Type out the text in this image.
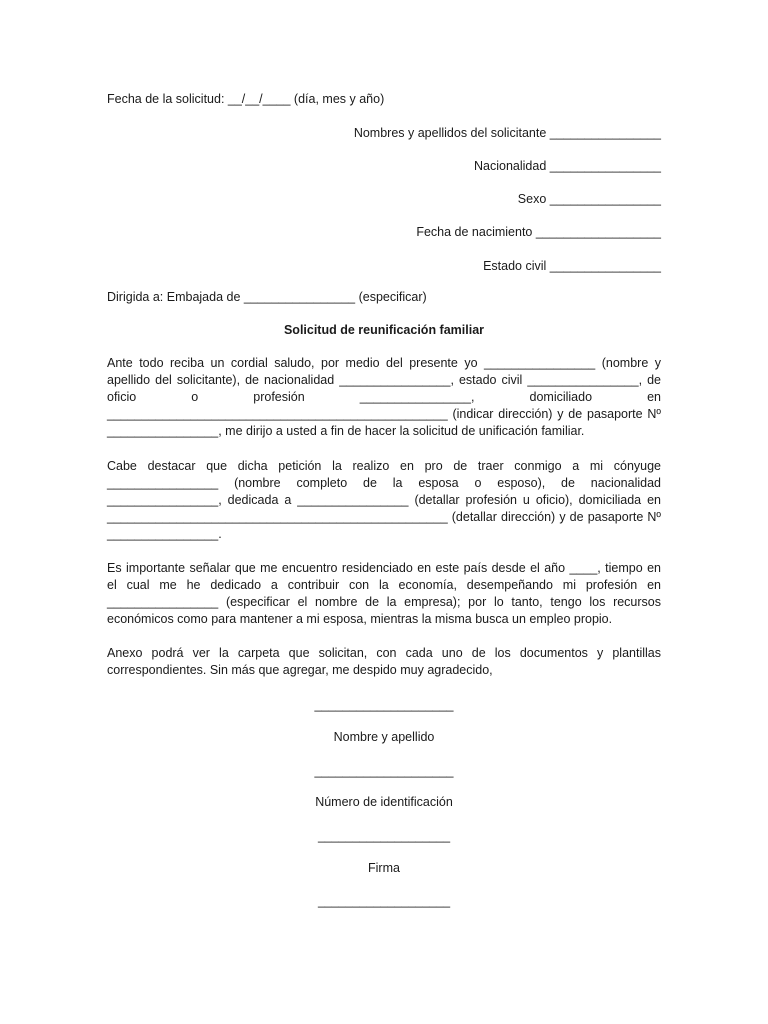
Fecha de la solicitud: __/__/____ (día, mes y año)

Nombres y apellidos del solicitante ________________

Nacionalidad ________________

Sexo ________________

Fecha de nacimiento __________________

Estado civil ________________

Dirigida a: Embajada de ________________ (especificar)

Solicitud de reunificación familiar

Ante todo reciba un cordial saludo, por medio del presente yo ________________ (nombre y
apellido del solicitante), de nacionalidad ________________, estado civil ________________, de
oficio o profesión ________________, domiciliado en
_________________________________________________ (indicar dirección) y de pasaporte Nº
________________, me dirijo a usted a fin de hacer la solicitud de unificación familiar.
Cabe destacar que dicha petición la realizo en pro de traer conmigo a mi cónyuge
________________ (nombre completo de la esposa o esposo), de nacionalidad
________________, dedicada a ________________ (detallar profesión u oficio), domiciliada en
_________________________________________________ (detallar dirección) y de pasaporte Nº
________________.
Es importante señalar que me encuentro residenciado en este país desde el año ____, tiempo en
el cual me he dedicado a contribuir con la economía, desempeñando mi profesión en
________________ (especificar el nombre de la empresa); por lo tanto, tengo los recursos
económicos como para mantener a mi esposa, mientras la misma busca un empleo propio.
Anexo podrá ver la carpeta que solicitan, con cada uno de los documentos y plantillas
correspondientes. Sin más que agregar, me despido muy agradecido,

____________________

Nombre y apellido

____________________

Número de identificación

___________________

Firma

___________________
